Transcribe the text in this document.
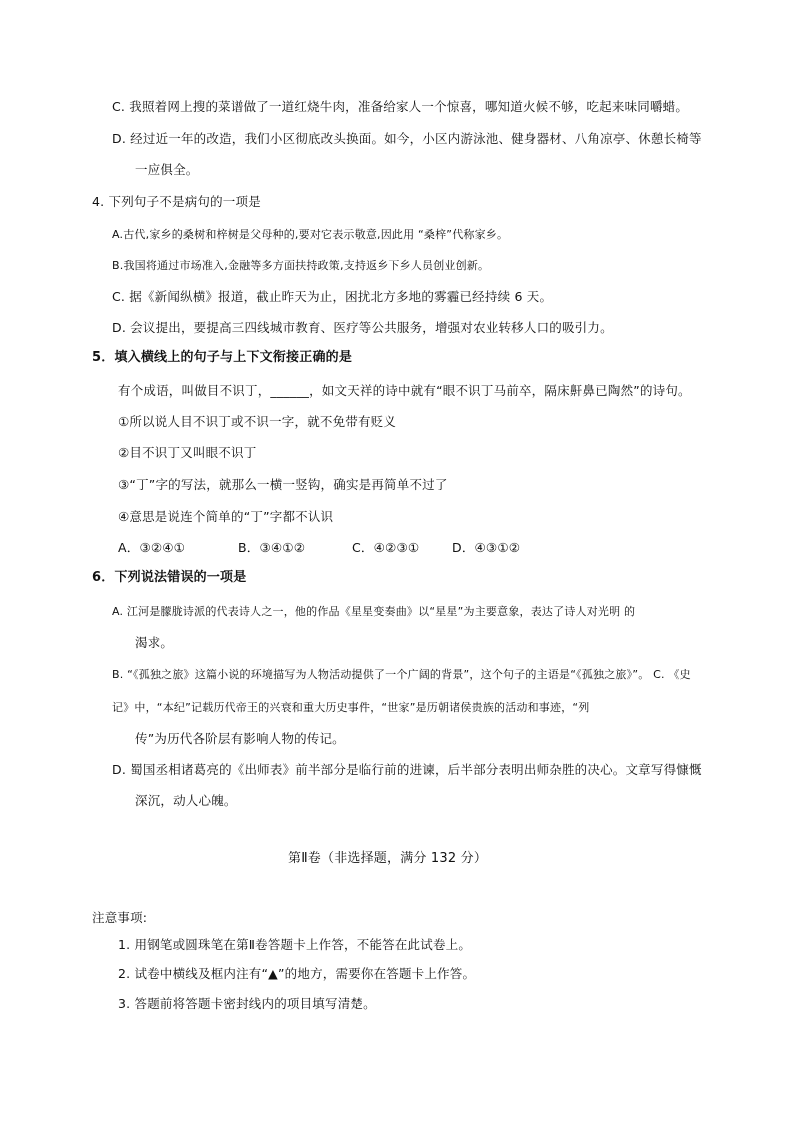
C. 我照着网上搜的菜谱做了一道红烧牛肉，准备给家人一个惊喜，哪知道火候不够，吃起来味同嚼蜡。
D. 经过近一年的改造，我们小区彻底改头换面。如今，小区内游泳池、健身器材、八角凉亭、休憩长椅等
一应俱全。
4. 下列句子不是病句的一项是
A.古代,家乡的桑树和梓树是父母种的,要对它表示敬意,因此用 “桑梓”代称家乡。
B.我国将通过市场准入,金融等多方面扶持政策,支持返乡下乡人员创业创新。
C. 据《新闻纵横》报道，截止昨天为止，困扰北方多地的雾霾已经持续 6 天。
D. 会议提出，要提高三四线城市教育、医疗等公共服务，增强对农业转移人口的吸引力。
5．填入横线上的句子与上下文衔接正确的是
有个成语，叫做目不识丁，______，如文天祥的诗中就有“眼不识丁马前卒，隔床鼾鼻已陶然”的诗句。
①所以说人目不识丁或不识一字，就不免带有贬义
②目不识丁又叫眼不识丁
③“丁”字的写法，就那么一横一竖钩，确实是再简单不过了
④意思是说连个简单的“丁”字都不认识
A．③②④①	B．③④①②	C．④②③①	D．④③①②
6．下列说法错误的一项是
A. 江河是朦胧诗派的代表诗人之一，他的作品《星星变奏曲》以“星星”为主要意象，表达了诗人对光明 的
渴求。
B. “《孤独之旅》这篇小说的环境描写为人物活动提供了一个广阔的背景”，这个句子的主语是“《孤独之旅》”。 C. 《史
记》中，“本纪”记载历代帝王的兴衰和重大历史事件，“世家”是历朝诸侯贵族的活动和事迹，“列
传”为历代各阶层有影响人物的传记。
D. 蜀国丞相诸葛亮的《出师表》前半部分是临行前的进谏，后半部分表明出师杂胜的决心。文章写得慷慨
深沉，动人心魄。
第Ⅱ卷（非选择题，满分 132 分）
注意事项:
1. 用钢笔或圆珠笔在第Ⅱ卷答题卡上作答，不能答在此试卷上。
2. 试卷中横线及框内注有“▲”的地方，需要你在答题卡上作答。
3. 答题前将答题卡密封线内的项目填写清楚。
